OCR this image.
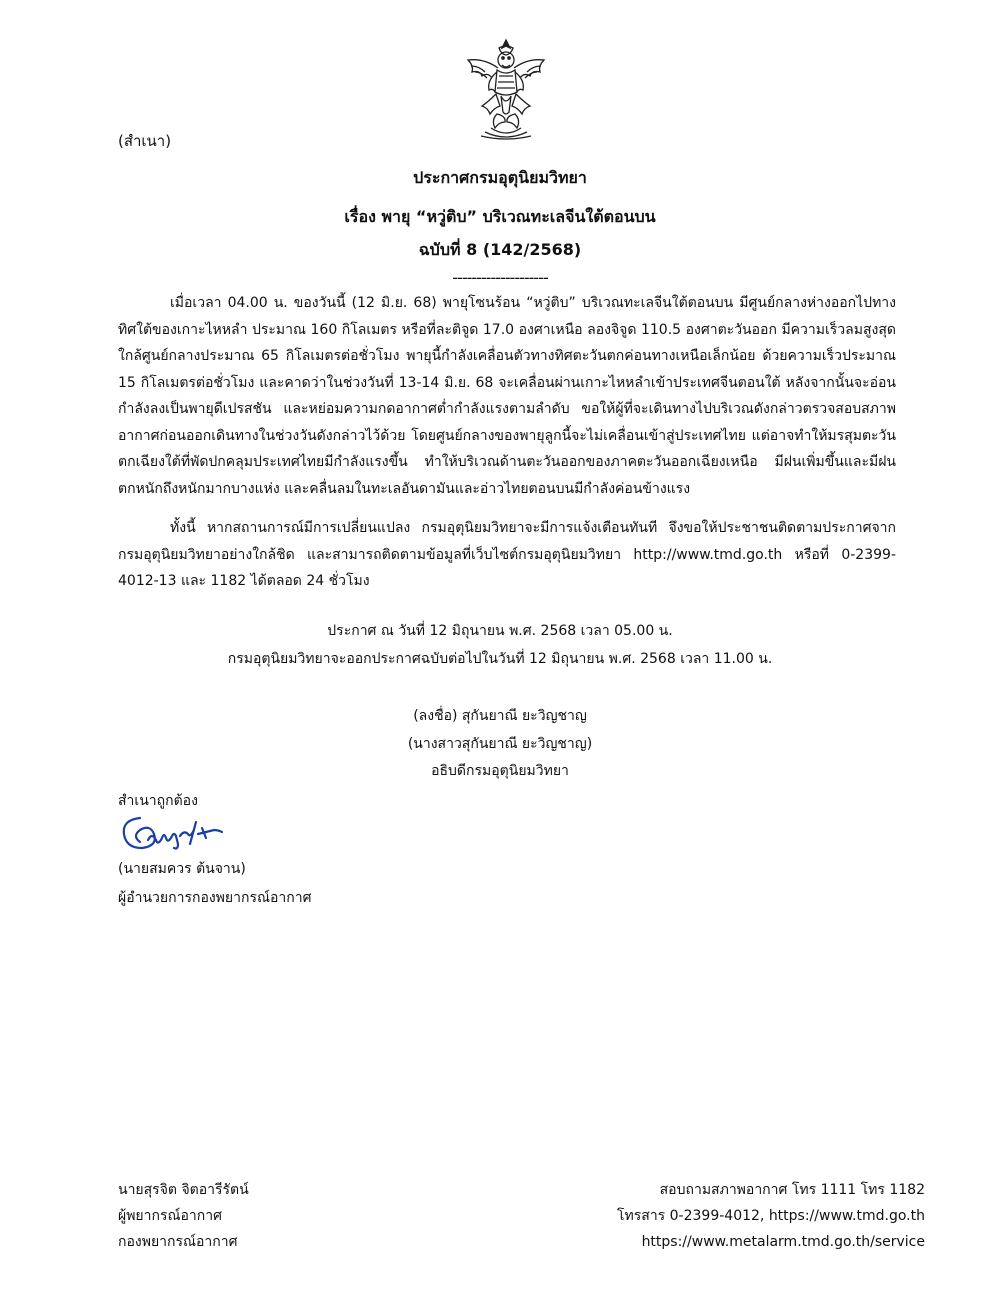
(สำเนา)
ประกาศกรมอุตุนิยมวิทยา
เรื่อง พายุ “หวู่ติบ” บริเวณทะเลจีนใต้ตอนบน
ฉบับที่ 8 (142/2568)
--------------------

เมื่อเวลา 04.00 น. ของวันนี้ (12 มิ.ย. 68) พายุโซนร้อน “หวู่ติบ” บริเวณทะเลจีนใต้ตอนบน มีศูนย์กลางห่างออกไปทางทิศใต้ของเกาะไหหลำ ประมาณ 160 กิโลเมตร หรือที่ละติจูด 17.0 องศาเหนือ ลองจิจูด 110.5 องศาตะวันออก มีความเร็วลมสูงสุดใกล้ศูนย์กลางประมาณ 65 กิโลเมตรต่อชั่วโมง พายุนี้กำลังเคลื่อนตัวทางทิศตะวันตกค่อนทางเหนือเล็กน้อย ด้วยความเร็วประมาณ 15 กิโลเมตรต่อชั่วโมง และคาดว่าในช่วงวันที่ 13-14 มิ.ย. 68 จะเคลื่อนผ่านเกาะไหหลำเข้าประเทศจีนตอนใต้ หลังจากนั้นจะอ่อนกำลังลงเป็นพายุดีเปรสชัน และหย่อมความกดอากาศต่ำกำลังแรงตามลำดับ ขอให้ผู้ที่จะเดินทางไปบริเวณดังกล่าวตรวจสอบสภาพอากาศก่อนออกเดินทางในช่วงวันดังกล่าวไว้ด้วย โดยศูนย์กลางของพายุลูกนี้จะไม่เคลื่อนเข้าสู่ประเทศไทย แต่อาจทำให้มรสุมตะวันตกเฉียงใต้ที่พัดปกคลุมประเทศไทยมีกำลังแรงขึ้น ทำให้บริเวณด้านตะวันออกของภาคตะวันออกเฉียงเหนือ มีฝนเพิ่มขึ้นและมีฝนตกหนักถึงหนักมากบางแห่ง และคลื่นลมในทะเลอันดามันและอ่าวไทยตอนบนมีกำลังค่อนข้างแรง

ทั้งนี้ หากสถานการณ์มีการเปลี่ยนแปลง กรมอุตุนิยมวิทยาจะมีการแจ้งเตือนทันที จึงขอให้ประชาชนติดตามประกาศจากกรมอุตุนิยมวิทยาอย่างใกล้ชิด และสามารถติดตามข้อมูลที่เว็บไซต์กรมอุตุนิยมวิทยา http://www.tmd.go.th หรือที่ 0-2399-4012-13 และ 1182 ได้ตลอด 24 ชั่วโมง

ประกาศ ณ วันที่ 12 มิถุนายน พ.ศ. 2568 เวลา 05.00 น.
กรมอุตุนิยมวิทยาจะออกประกาศฉบับต่อไปในวันที่ 12 มิถุนายน พ.ศ. 2568 เวลา 11.00 น.
(ลงชื่อ) สุกันยาณี ยะวิญชาญ
(นางสาวสุกันยาณี ยะวิญชาญ)
อธิบดีกรมอุตุนิยมวิทยา
สำเนาถูกต้อง
(นายสมควร ต้นจาน)
ผู้อำนวยการกองพยากรณ์อากาศ
นายสุรจิต จิตอารีรัตน์
ผู้พยากรณ์อากาศ
กองพยากรณ์อากาศ
สอบถามสภาพอากาศ โทร 1111 โทร 1182
โทรสาร 0-2399-4012, https://www.tmd.go.th
https://www.metalarm.tmd.go.th/service
